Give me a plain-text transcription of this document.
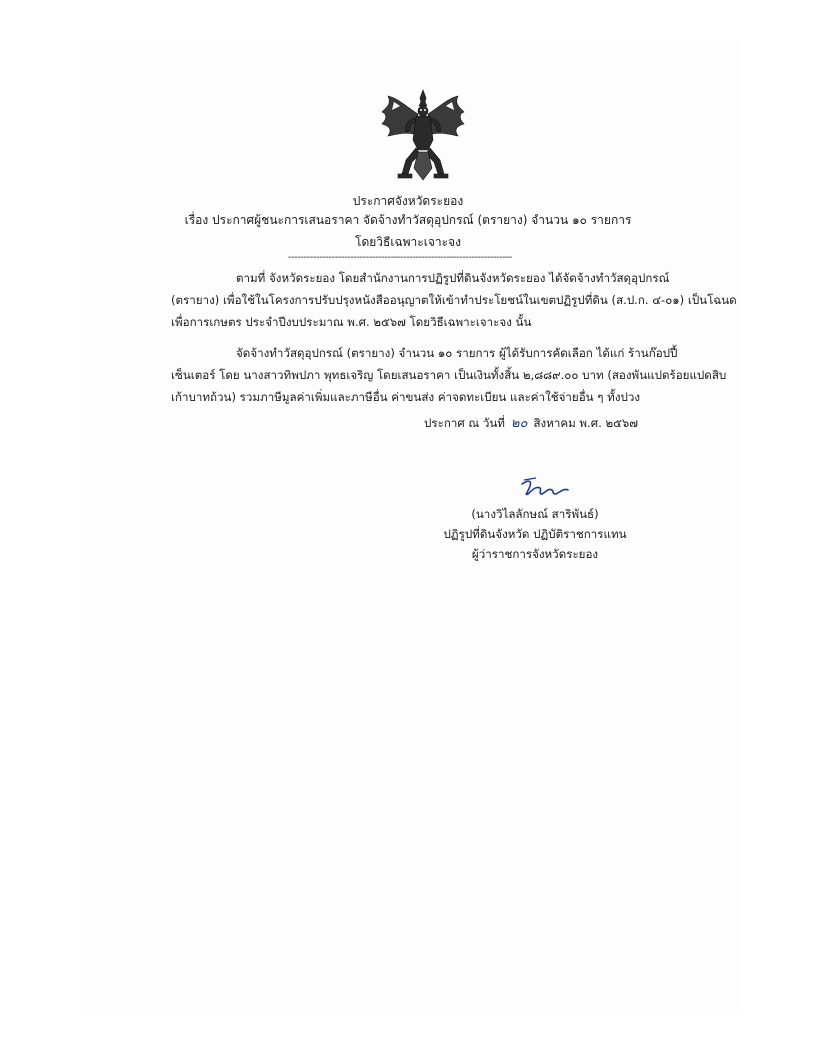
ประกาศจังหวัดระยอง
เรื่อง ประกาศผู้ชนะการเสนอราคา จัดจ้างทำวัสดุอุปกรณ์ (ตรายาง) จำนวน ๑๐ รายการ
โดยวิธีเฉพาะเจาะจง
------------------------------------------------------------------------
ตามที่ จังหวัดระยอง โดยสำนักงานการปฏิรูปที่ดินจังหวัดระยอง ได้จัดจ้างทำวัสดุอุปกรณ์
(ตรายาง) เพื่อใช้ในโครงการปรับปรุงหนังสืออนุญาตให้เข้าทำประโยชน์ในเขตปฏิรูปที่ดิน (ส.ป.ก. ๔-๐๑) เป็นโฉนด
เพื่อการเกษตร ประจำปีงบประมาณ พ.ศ. ๒๕๖๗ โดยวิธีเฉพาะเจาะจง นั้น
จัดจ้างทำวัสดุอุปกรณ์ (ตรายาง) จำนวน ๑๐ รายการ ผู้ได้รับการคัดเลือก ได้แก่ ร้านก๊อปปี้
เซ็นเตอร์ โดย นางสาวทิพปภา พุทธเจริญ โดยเสนอราคา เป็นเงินทั้งสิ้น ๒,๘๘๙.๐๐ บาท (สองพันแปดร้อยแปดสิบ
เก้าบาทถ้วน) รวมภาษีมูลค่าเพิ่มและภาษีอื่น ค่าขนส่ง ค่าจดทะเบียน และค่าใช้จ่ายอื่น ๆ ทั้งปวง
ประกาศ ณ วันที่ ๒๐ สิงหาคม พ.ศ. ๒๕๖๗
(นางวิไลลักษณ์ สาริพันธ์)
ปฏิรูปที่ดินจังหวัด ปฏิบัติราชการแทน
ผู้ว่าราชการจังหวัดระยอง
